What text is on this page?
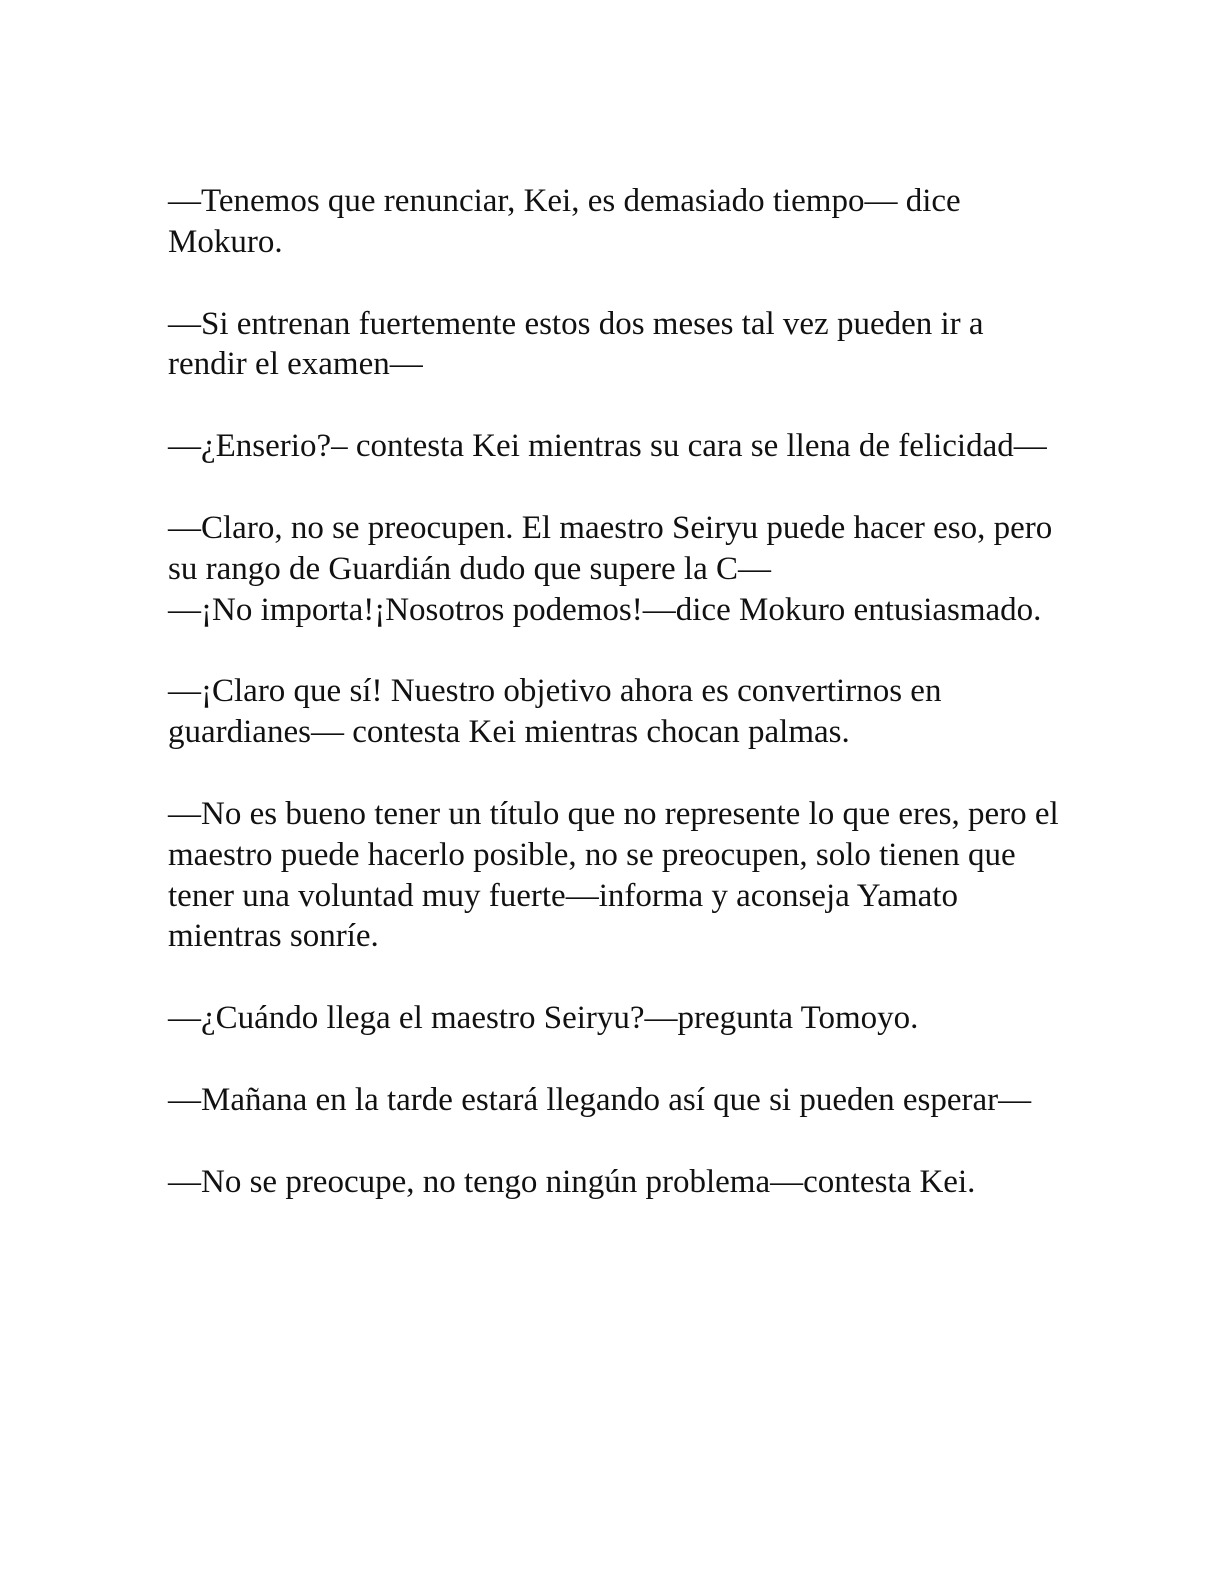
—Tenemos que renunciar, Kei, es demasiado tiempo— dice Mokuro.

—Si entrenan fuertemente estos dos meses tal vez pueden ir a rendir el examen—

—¿Enserio?– contesta Kei mientras su cara se llena de felicidad—

—Claro, no se preocupen. El maestro Seiryu puede hacer eso, pero su rango de Guardián dudo que supere la C—

—¡No importa!¡Nosotros podemos!—dice Mokuro entusiasmado.

—¡Claro que sí! Nuestro objetivo ahora es convertirnos en guardianes— contesta Kei mientras chocan palmas.

—No es bueno tener un título que no represente lo que eres, pero el maestro puede hacerlo posible, no se preocupen, solo tienen que tener una voluntad muy fuerte—informa y aconseja Yamato mientras sonríe.

—¿Cuándo llega el maestro Seiryu?—pregunta Tomoyo.

—Mañana en la tarde estará llegando así que si pueden esperar—

—No se preocupe, no tengo ningún problema—contesta Kei.
